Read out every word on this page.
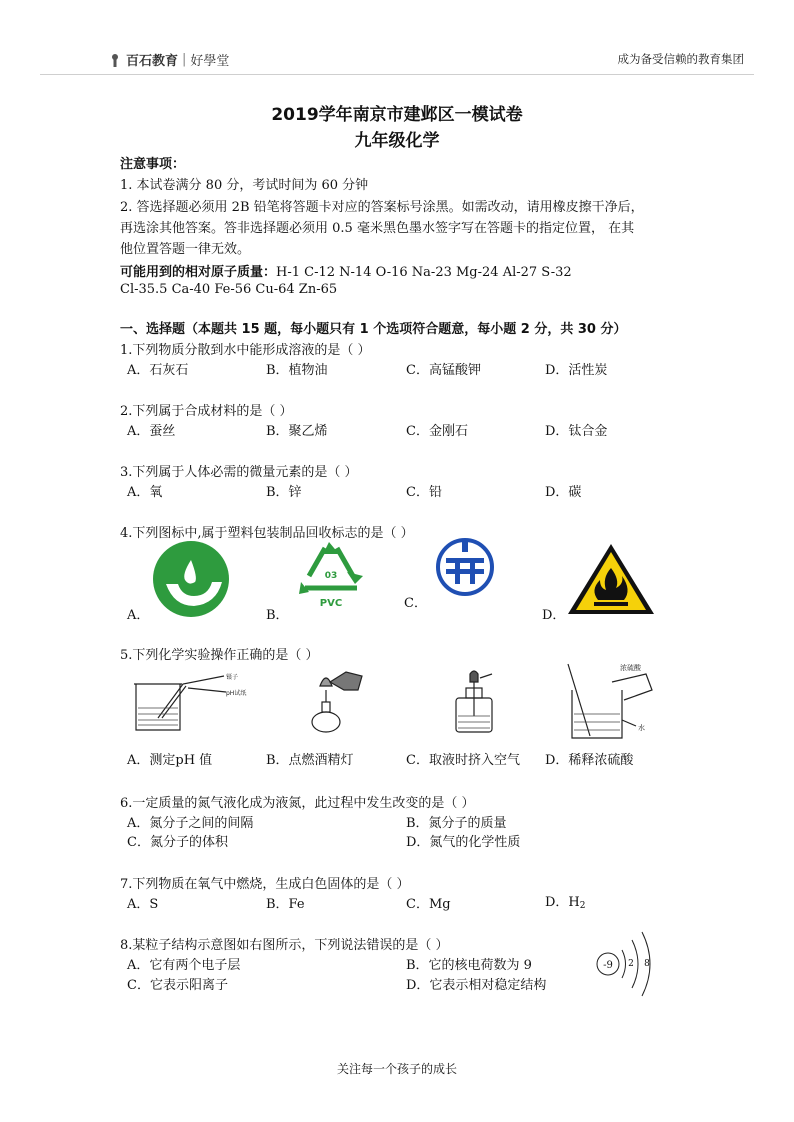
百石教育 | 好學堂	成为备受信赖的教育集团
2019学年南京市建邺区一模试卷
九年级化学
注意事项：
1. 本试卷满分 80 分，考试时间为 60 分钟
2. 答选择题必须用 2B 铅笔将答题卡对应的答案标号涂黑。如需改动，请用橡皮擦干净后，
再选涂其他答案。答非选择题必须用 0.5 毫米黑色墨水签字写在答题卡的指定位置， 在其
他位置答题一律无效。
可能用到的相对原子质量：H-1 C-12 N-14 O-16 Na-23 Mg-24 Al-27 S-32
Cl-35.5 Ca-40 Fe-56 Cu-64 Zn-65
一、选择题（本题共 15 题，每小题只有 1 个选项符合题意，每小题 2 分，共 30 分）
1.下列物质分散到水中能形成溶液的是（ ）
A．石灰石	B．植物油	C．高锰酸钾	D．活性炭
2.下列属于合成材料的是（ ）
A．蚕丝	B．聚乙烯	C．金刚石	D．钛合金
3.下列属于人体必需的微量元素的是（ ）
A．氧	B．锌	C．铅	D．碳
4.下列图标中,属于塑料包装制品回收标志的是（ ）
A．	B．
03
PVC	C．
D．
5.下列化学实验操作正确的是（ ）
镊子
pH试纸
浓硫酸
水
A．测定pH 值	B．点燃酒精灯	C．取液时挤入空气 D．稀释浓硫酸
6.一定质量的氮气液化成为液氮，此过程中发生改变的是（ ）
A．氮分子之间的间隔	B．氮分子的质量
C．氮分子的体积	D．氮气的化学性质
7.下列物质在氧气中燃烧，生成白色固体的是（ ）
A．S	B．Fe	C．Mg	D．$H_2$
8.某粒子结构示意图如右图所示，下列说法错误的是（ ）
A．它有两个电子层	B．它的核电荷数为 9
C．它表示阳离子	D．它表示相对稳定结构
-9 2 8
关注每一个孩子的成长
